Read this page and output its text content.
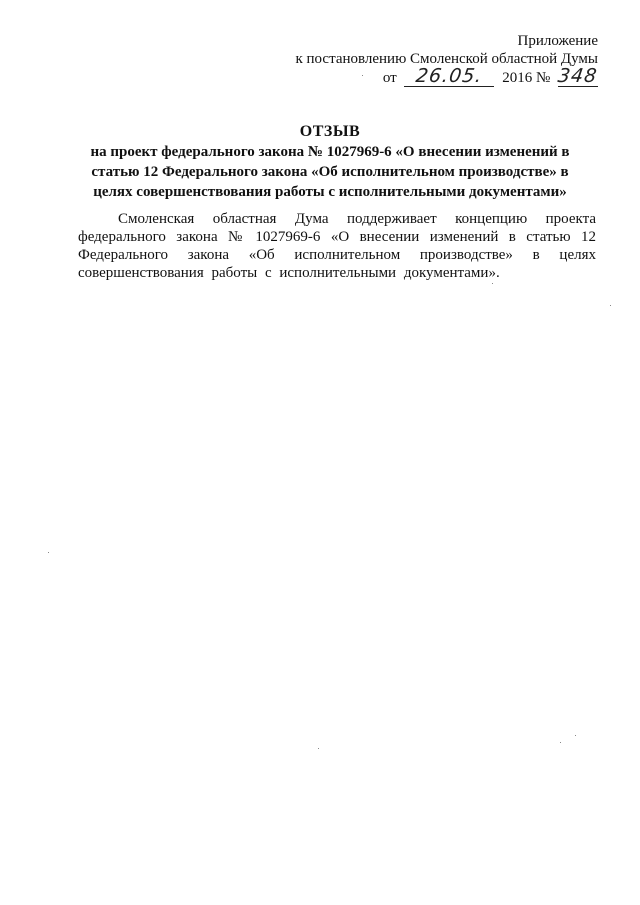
Приложение
к постановлению Смоленской областной Думы
от 26.05. 2016 № 348
ОТЗЫВ
на проект федерального закона № 1027969-6 «О внесении изменений в
статью 12 Федерального закона «Об исполнительном производстве» в
целях совершенствования работы с исполнительными документами»
Смоленская областная Дума поддерживает концепцию проекта федерального закона № 1027969-6 «О внесении изменений в статью 12 Федерального закона «Об исполнительном производстве» в целях совершенствования работы с исполнительными документами».
